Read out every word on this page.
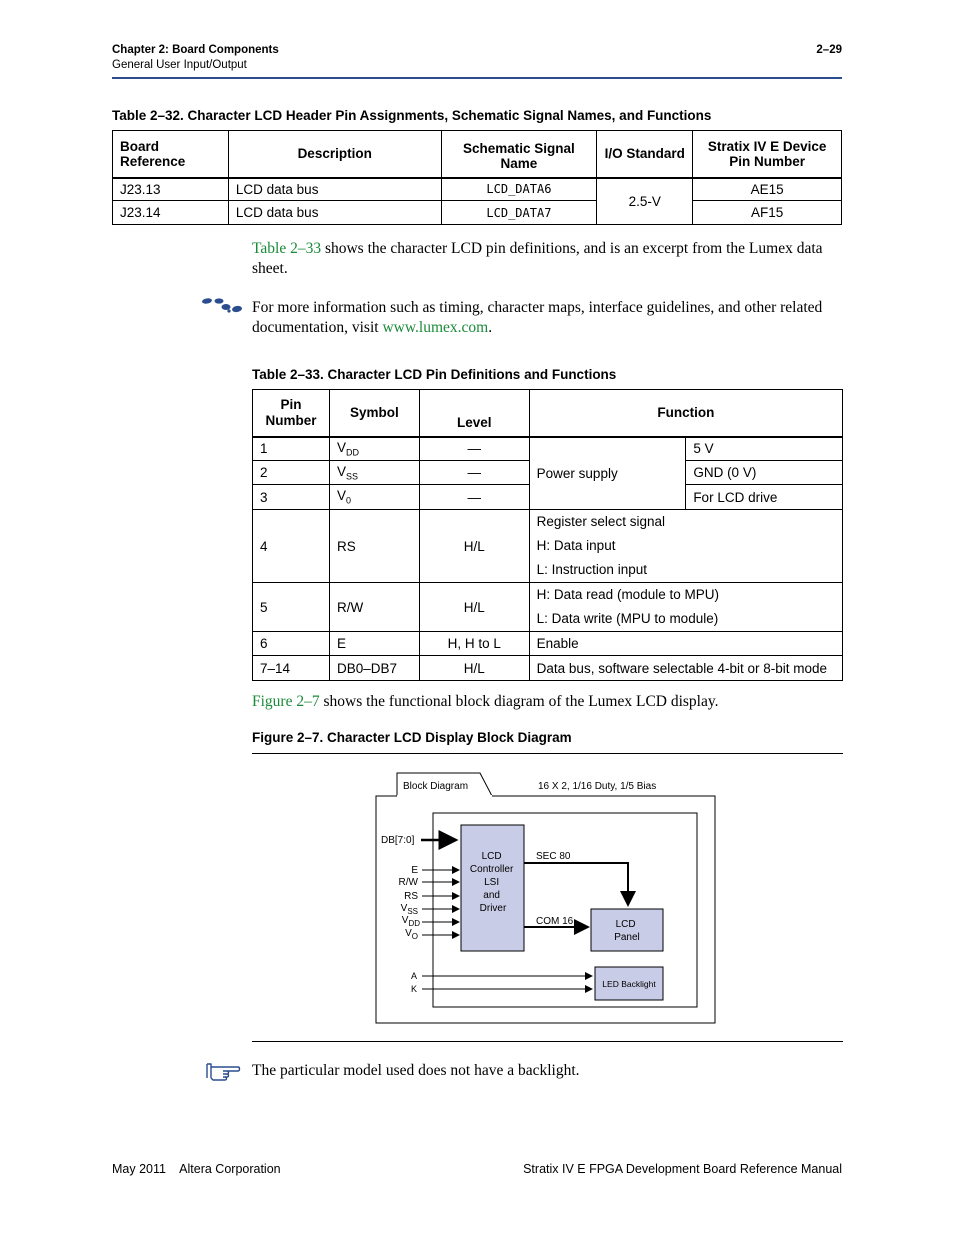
Chapter 2: Board Components
General User Input/Output
2–29
Table 2–32. Character LCD Header Pin Assignments, Schematic Signal Names, and Functions
Board Reference	Description	Schematic Signal Name	I/O Standard	Stratix IV E Device Pin Number
J23.13	LCD data bus	LCD_DATA6	2.5-V	AE15
J23.14	LCD data bus	LCD_DATA7		AF15
Table 2–33 shows the character LCD pin definitions, and is an excerpt from the Lumex data sheet.
For more information such as timing, character maps, interface guidelines, and other related documentation, visit www.lumex.com.
Table 2–33. Character LCD Pin Definitions and Functions
Pin Number	Symbol	Level	Function	
1	$V_{DD}$	—	Power supply	5 V
2	$V_{SS}$	—		GND (0 V)
3	$V_0$	—		For LCD drive
4	RS	H/L	Register select signal
H: Data input
L: Instruction input	

5	R/W	H/L	H: Data read (module to MPU)
L: Data write (MPU to module)	

6	E	H, H to L	Enable	
7–14	DB0–DB7	H/L	Data bus, software selectable 4-bit or 8-bit mode	
Figure 2–7 shows the functional block diagram of the Lumex LCD display.
Figure 2–7. Character LCD Display Block Diagram
Block Diagram	16 X 2, 1/16 Duty, 1/5 Bias
LCD Controller LSI and Driver
DB[7:0]
E
R/W
RS
$V_{SS}$
$V_{DD}$
$V_O$
SEC 80
COM 16	LCD Panel
A
K	LED Backlight
The particular model used does not have a backlight.
May 2011    Altera Corporation	Stratix IV E FPGA Development Board Reference Manual
